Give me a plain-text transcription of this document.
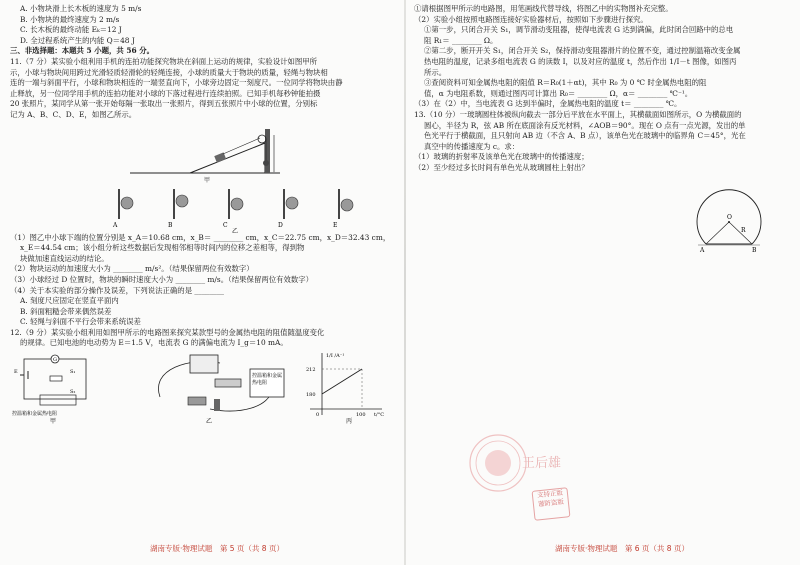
A. 小物块滑上长木板的速度为 5 m/s
B. 小物块的最终速度为 2 m/s
C. 长木板的最终动能 Eₖ＝12 J
D. 全过程系统产生的内能 Q＝48 J
三、非选择题：本题共 5 小题，共 56 分。
11.（7 分）某实验小组利用手机的连拍功能探究物块在斜面上运动的规律，实验设计如图甲所
示，小球与物块间用跨过光滑轻质轻滑轮的轻绳连接，小球的质量大于物块的质量，轻绳与物块相
连的一端与斜面平行，小球和物块相连的一端竖直向下，小球旁边固定一刻度尺。一位同学将物块由静
止释放，另一位同学用手机的连拍功能对小球的下落过程进行连续拍照。已知手机每秒钟能拍摄
20 张照片，某同学从第一张开始每隔一张取出一张照片，得到五张照片中小球的位置，分别标
记为 A、B、C、D、E，如图乙所示。
甲
A	B	C	D	E
乙
（1）图乙中小球下端的位置分别是 x_A＝10.68 cm，x_B＝ ________ cm，x_C＝22.75 cm，x_D＝32.43 cm，
x_E＝44.54 cm；该小组分析这些数据后发现相邻相等时间内的位移之差相等，得到物
块做加速直线运动的结论。
（2）物块运动的加速度大小为 ________ m/s²。（结果保留两位有效数字）
（3）小球经过 D 位置时，物块的瞬时速度大小为 ________ m/s。（结果保留两位有效数字）
（4）关于本实验的部分操作及误差，下列说法正确的是 ________
A. 刻度尺应固定在竖直平面内
B. 斜面粗糙会带来偶然误差
C. 轻绳与斜面不平行会带来系统误差
12.（9 分）某实验小组利用如图甲所示的电路图来探究某款型号的金属热电阻的阻值随温度变化
的规律。已知电池的电动势为 E＝1.5 V，电流表 G 的满偏电流为 I_g＝10 mA。
G
E	S₁
S₂
控温箱和金属热电阻
甲
控温箱和金属
热电阻
乙
1/I /A⁻¹
212
180
0	100 t/°C
丙
湖南专版·物理试题　第 5 页（共 8 页）
①请根据图甲所示的电路图，用笔画线代替导线，将图乙中的实物图补充完整。
（2）实验小组按照电路图连接好实验器材后，按照如下步骤进行探究。
①第一步，只闭合开关 S₁，调节滑动变阻器，使得电流表 G 达到满偏，此时闭合回路中的总电
阻 R₁＝ ________ Ω。
②第二步，断开开关 S₁，闭合开关 S₂，保持滑动变阻器滑片的位置不变，通过控制温箱改变金属
热电阻的温度，记录多组电流表 G 的读数 I，以及对应的温度 t，然后作出 1/I－t 图像，如图丙
所示。
③查阅资料可知金属热电阻的阻值 R＝R₀(1＋αt)，其中 R₀ 为 0 ℃ 时金属热电阻的阻
值，α 为电阻系数，则通过图丙可计算出 R₀＝ ________ Ω，α＝ ________ ℃⁻¹。
（3）在（2）中，当电流表 G 达到半偏时，金属热电阻的温度 t＝ ________ ℃。
13.（10 分）一玻璃圆柱体被纵向截去一部分后平放在水平面上，其横截面如图所示，O 为横截面的
圆心，半径为 R，弦 AB 所在底面涂有反光材料，∠AOB＝90°。现在 O 点有一点光源，发出的单
色光平行于横截面，且只射向 AB 边（不含 A、B 点），该单色光在玻璃中的临界角 C＝45°，光在
真空中的传播速度为 c。求：
（1）玻璃的折射率及该单色光在玻璃中的传播速度；
（2）至少经过多长时间有单色光从玻璃圆柱上射出？
O
R
A	B
湖南专版·物理试题　第 6 页（共 8 页）
王后雄
支持正版
谨防盗版
